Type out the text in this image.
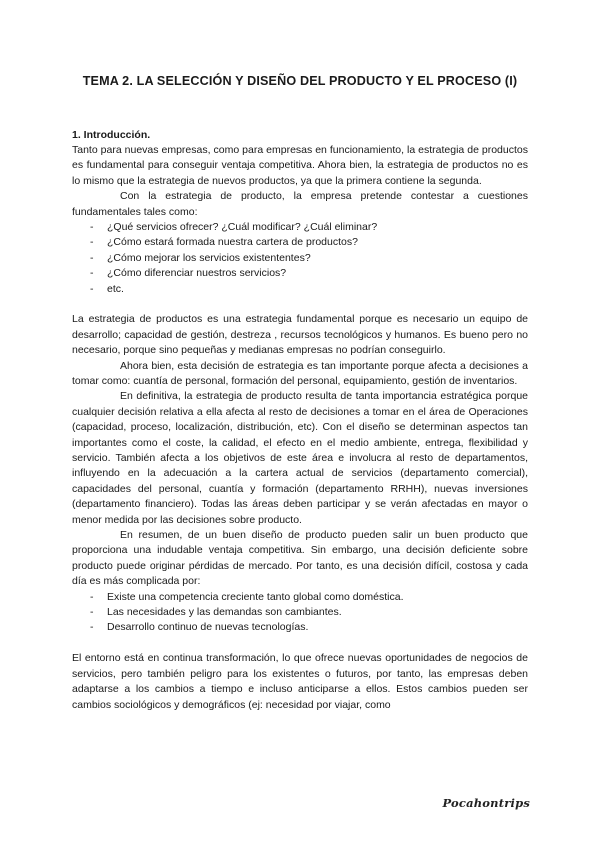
TEMA 2. LA SELECCIÓN Y DISEÑO DEL PRODUCTO Y EL PROCESO (I)
1. Introducción.

Tanto para nuevas empresas, como para empresas en funcionamiento, la estrategia de productos es fundamental para conseguir ventaja competitiva. Ahora bien, la estrategia de productos no es lo mismo que la estrategia de nuevos productos, ya que la primera contiene la segunda.

Con la estrategia de producto, la empresa pretende contestar a cuestiones fundamentales tales como:

- ¿Qué servicios ofrecer? ¿Cuál modificar? ¿Cuál eliminar?
- ¿Cómo estará formada nuestra cartera de productos?
- ¿Cómo mejorar los servicios existententes?
- ¿Cómo diferenciar nuestros servicios?
- etc.

La estrategia de productos es una estrategia fundamental porque es necesario un equipo de desarrollo; capacidad de gestión, destreza , recursos tecnológicos y humanos. Es bueno pero no necesario, porque sino pequeñas y medianas empresas no podrían conseguirlo.

Ahora bien, esta decisión de estrategia es tan importante porque afecta a decisiones a tomar como: cuantía de personal, formación del personal, equipamiento, gestión de inventarios.

En definitiva, la estrategia de producto resulta de tanta importancia estratégica porque cualquier decisión relativa a ella afecta al resto de decisiones a tomar en el área de Operaciones (capacidad, proceso, localización, distribución, etc). Con el diseño se determinan aspectos tan importantes como el coste, la calidad, el efecto en el medio ambiente, entrega, flexibilidad y servicio. También afecta a los objetivos de este área e involucra al resto de departamentos, influyendo en la adecuación a la cartera actual de servicios (departamento comercial), capacidades del personal, cuantía y formación (departamento RRHH), nuevas inversiones (departamento financiero). Todas las áreas deben participar y se verán afectadas en mayor o menor medida por las decisiones sobre producto.

En resumen, de un buen diseño de producto pueden salir un buen producto que proporciona una indudable ventaja competitiva. Sin embargo, una decisión deficiente sobre producto puede originar pérdidas de mercado. Por tanto, es una decisión difícil, costosa y cada día es más complicada por:

- Existe una competencia creciente tanto global como doméstica.
- Las necesidades y las demandas son cambiantes.
- Desarrollo continuo de nuevas tecnologías.

El entorno está en continua transformación, lo que ofrece nuevas oportunidades de negocios de servicios, pero también peligro para los existentes o futuros, por tanto, las empresas deben adaptarse a los cambios a tiempo e incluso anticiparse a ellos. Estos cambios pueden ser cambios sociológicos y demográficos (ej: necesidad por viajar, como

Pocahontrips
